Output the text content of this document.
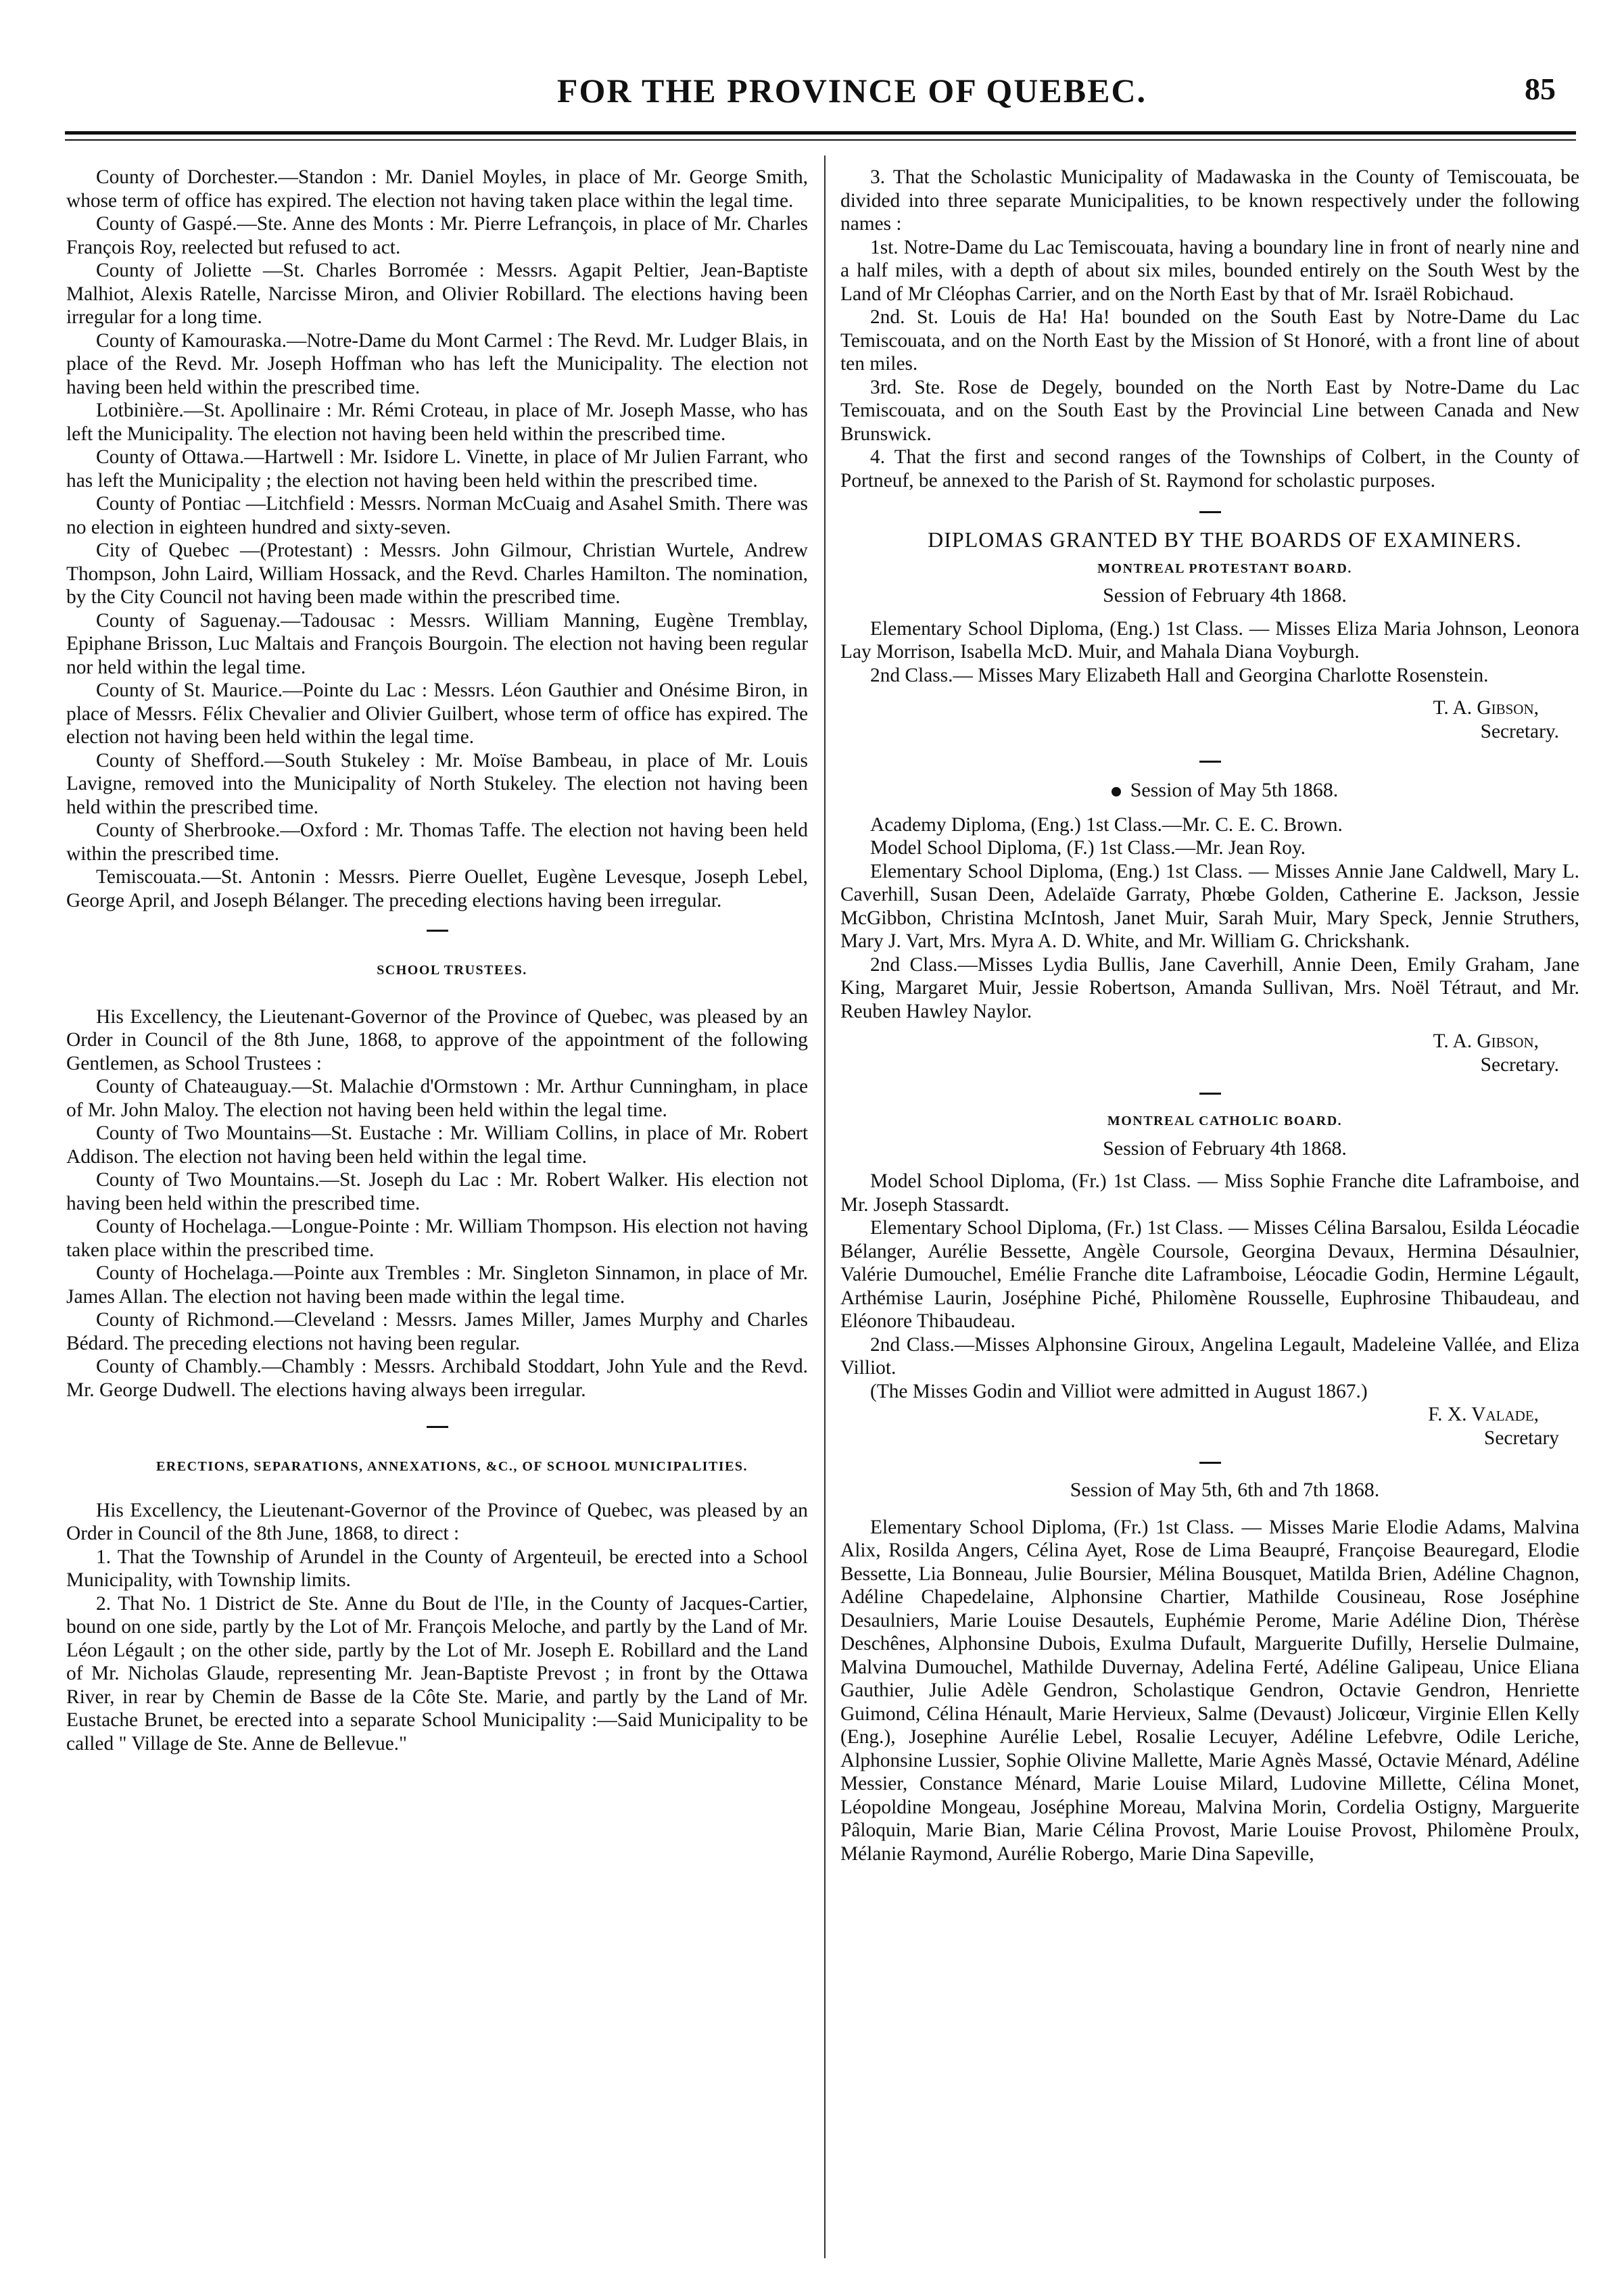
FOR THE PROVINCE OF QUEBEC.	85

County of Dorchester.—Standon : Mr. Daniel Moyles, in place of Mr. George Smith, whose term of office has expired. The election not having taken place within the legal time.

County of Gaspé.—Ste. Anne des Monts : Mr. Pierre Lefrançois, in place of Mr. Charles François Roy, reelected but refused to act.

County of Joliette —St. Charles Borromée : Messrs. Agapit Peltier, Jean-Baptiste Malhiot, Alexis Ratelle, Narcisse Miron, and Olivier Robillard. The elections having been irregular for a long time.

County of Kamouraska.—Notre-Dame du Mont Carmel : The Revd. Mr. Ludger Blais, in place of the Revd. Mr. Joseph Hoffman who has left the Municipality. The election not having been held within the prescribed time.

Lotbinière.—St. Apollinaire : Mr. Rémi Croteau, in place of Mr. Joseph Masse, who has left the Municipality. The election not having been held within the prescribed time.

County of Ottawa.—Hartwell : Mr. Isidore L. Vinette, in place of Mr Julien Farrant, who has left the Municipality ; the election not having been held within the prescribed time.

County of Pontiac —Litchfield : Messrs. Norman McCuaig and Asahel Smith. There was no election in eighteen hundred and sixty-seven.

City of Quebec —(Protestant) : Messrs. John Gilmour, Christian Wurtele, Andrew Thompson, John Laird, William Hossack, and the Revd. Charles Hamilton. The nomination, by the City Council not having been made within the prescribed time.

County of Saguenay.—Tadousac : Messrs. William Manning, Eugène Tremblay, Epiphane Brisson, Luc Maltais and François Bourgoin. The election not having been regular nor held within the legal time.

County of St. Maurice.—Pointe du Lac : Messrs. Léon Gauthier and Onésime Biron, in place of Messrs. Félix Chevalier and Olivier Guilbert, whose term of office has expired. The election not having been held within the legal time.

County of Shefford.—South Stukeley : Mr. Moïse Bambeau, in place of Mr. Louis Lavigne, removed into the Municipality of North Stukeley. The election not having been held within the prescribed time.

County of Sherbrooke.—Oxford : Mr. Thomas Taffe. The election not having been held within the prescribed time.

Temiscouata.—St. Antonin : Messrs. Pierre Ouellet, Eugène Levesque, Joseph Lebel, George April, and Joseph Bélanger. The preceding elections having been irregular.

SCHOOL TRUSTEES.

His Excellency, the Lieutenant-Governor of the Province of Quebec, was pleased by an Order in Council of the 8th June, 1868, to approve of the appointment of the following Gentlemen, as School Trustees :

County of Chateauguay.—St. Malachie d'Ormstown : Mr. Arthur Cunningham, in place of Mr. John Maloy. The election not having been held within the legal time.

County of Two Mountains—St. Eustache : Mr. William Collins, in place of Mr. Robert Addison. The election not having been held within the legal time.

County of Two Mountains.—St. Joseph du Lac : Mr. Robert Walker. His election not having been held within the prescribed time.

County of Hochelaga.—Longue-Pointe : Mr. William Thompson. His election not having taken place within the prescribed time.

County of Hochelaga.—Pointe aux Trembles : Mr. Singleton Sinnamon, in place of Mr. James Allan. The election not having been made within the legal time.

County of Richmond.—Cleveland : Messrs. James Miller, James Murphy and Charles Bédard. The preceding elections not having been regular.

County of Chambly.—Chambly : Messrs. Archibald Stoddart, John Yule and the Revd. Mr. George Dudwell. The elections having always been irregular.

ERECTIONS, SEPARATIONS, ANNEXATIONS, &C., OF SCHOOL MUNICIPALITIES.

His Excellency, the Lieutenant-Governor of the Province of Quebec, was pleased by an Order in Council of the 8th June, 1868, to direct :

1. That the Township of Arundel in the County of Argenteuil, be erected into a School Municipality, with Township limits.

2. That No. 1 District de Ste. Anne du Bout de l'Ile, in the County of Jacques-Cartier, bound on one side, partly by the Lot of Mr. François Meloche, and partly by the Land of Mr. Léon Légault ; on the other side, partly by the Lot of Mr. Joseph E. Robillard and the Land of Mr. Nicholas Glaude, representing Mr. Jean-Baptiste Prevost ; in front by the Ottawa River, in rear by Chemin de Basse de la Côte Ste. Marie, and partly by the Land of Mr. Eustache Brunet, be erected into a separate School Municipality :—Said Municipality to be called " Village de Ste. Anne de Bellevue."

3. That the Scholastic Municipality of Madawaska in the County of Temiscouata, be divided into three separate Municipalities, to be known respectively under the following names :

1st. Notre-Dame du Lac Temiscouata, having a boundary line in front of nearly nine and a half miles, with a depth of about six miles, bounded entirely on the South West by the Land of Mr Cléophas Carrier, and on the North East by that of Mr. Israël Robichaud.

2nd. St. Louis de Ha! Ha! bounded on the South East by Notre-Dame du Lac Temiscouata, and on the North East by the Mission of St Honoré, with a front line of about ten miles.

3rd. Ste. Rose de Degely, bounded on the North East by Notre-Dame du Lac Temiscouata, and on the South East by the Provincial Line between Canada and New Brunswick.

4. That the first and second ranges of the Townships of Colbert, in the County of Portneuf, be annexed to the Parish of St. Raymond for scholastic purposes.

DIPLOMAS GRANTED BY THE BOARDS OF EXAMINERS.

MONTREAL PROTESTANT BOARD.

Session of February 4th 1868.

Elementary School Diploma, (Eng.) 1st Class. — Misses Eliza Maria Johnson, Leonora Lay Morrison, Isabella McD. Muir, and Mahala Diana Voyburgh.

2nd Class.— Misses Mary Elizabeth Hall and Georgina Charlotte Rosenstein.

T. A. Gibson,

Secretary.

Session of May 5th 1868.

Academy Diploma, (Eng.) 1st Class.—Mr. C. E. C. Brown.

Model School Diploma, (F.) 1st Class.—Mr. Jean Roy.

Elementary School Diploma, (Eng.) 1st Class. — Misses Annie Jane Caldwell, Mary L. Caverhill, Susan Deen, Adelaïde Garraty, Phœbe Golden, Catherine E. Jackson, Jessie McGibbon, Christina McIntosh, Janet Muir, Sarah Muir, Mary Speck, Jennie Struthers, Mary J. Vart, Mrs. Myra A. D. White, and Mr. William G. Chrickshank.

2nd Class.—Misses Lydia Bullis, Jane Caverhill, Annie Deen, Emily Graham, Jane King, Margaret Muir, Jessie Robertson, Amanda Sullivan, Mrs. Noël Tétraut, and Mr. Reuben Hawley Naylor.

T. A. Gibson,

Secretary.

MONTREAL CATHOLIC BOARD.

Session of February 4th 1868.

Model School Diploma, (Fr.) 1st Class. — Miss Sophie Franche dite Laframboise, and Mr. Joseph Stassardt.

Elementary School Diploma, (Fr.) 1st Class. — Misses Célina Barsalou, Esilda Léocadie Bélanger, Aurélie Bessette, Angèle Coursole, Georgina Devaux, Hermina Désaulnier, Valérie Dumouchel, Emélie Franche dite Laframboise, Léocadie Godin, Hermine Légault, Arthémise Laurin, Joséphine Piché, Philomène Rousselle, Euphrosine Thibaudeau, and Eléonore Thibaudeau.

2nd Class.—Misses Alphonsine Giroux, Angelina Legault, Madeleine Vallée, and Eliza Villiot.

(The Misses Godin and Villiot were admitted in August 1867.)

F. X. Valade,

Secretary

Session of May 5th, 6th and 7th 1868.

Elementary School Diploma, (Fr.) 1st Class. — Misses Marie Elodie Adams, Malvina Alix, Rosilda Angers, Célina Ayet, Rose de Lima Beaupré, Françoise Beauregard, Elodie Bessette, Lia Bonneau, Julie Boursier, Mélina Bousquet, Matilda Brien, Adéline Chagnon, Adéline Chapedelaine, Alphonsine Chartier, Mathilde Cousineau, Rose Joséphine Desaulniers, Marie Louise Desautels, Euphémie Perome, Marie Adéline Dion, Thérèse Deschênes, Alphonsine Dubois, Exulma Dufault, Marguerite Dufilly, Herselie Dulmaine, Malvina Dumouchel, Mathilde Duvernay, Adelina Ferté, Adéline Galipeau, Unice Eliana Gauthier, Julie Adèle Gendron, Scholastique Gendron, Octavie Gendron, Henriette Guimond, Célina Hénault, Marie Hervieux, Salme (Devaust) Jolicœur, Virginie Ellen Kelly (Eng.), Josephine Aurélie Lebel, Rosalie Lecuyer, Adéline Lefebvre, Odile Leriche, Alphonsine Lussier, Sophie Olivine Mallette, Marie Agnès Massé, Octavie Ménard, Adéline Messier, Constance Ménard, Marie Louise Milard, Ludovine Millette, Célina Monet, Léopoldine Mongeau, Joséphine Moreau, Malvina Morin, Cordelia Ostigny, Marguerite Pâloquin, Marie Bian, Marie Célina Provost, Marie Louise Provost, Philomène Proulx, Mélanie Raymond, Aurélie Robergo, Marie Dina Sapeville,
